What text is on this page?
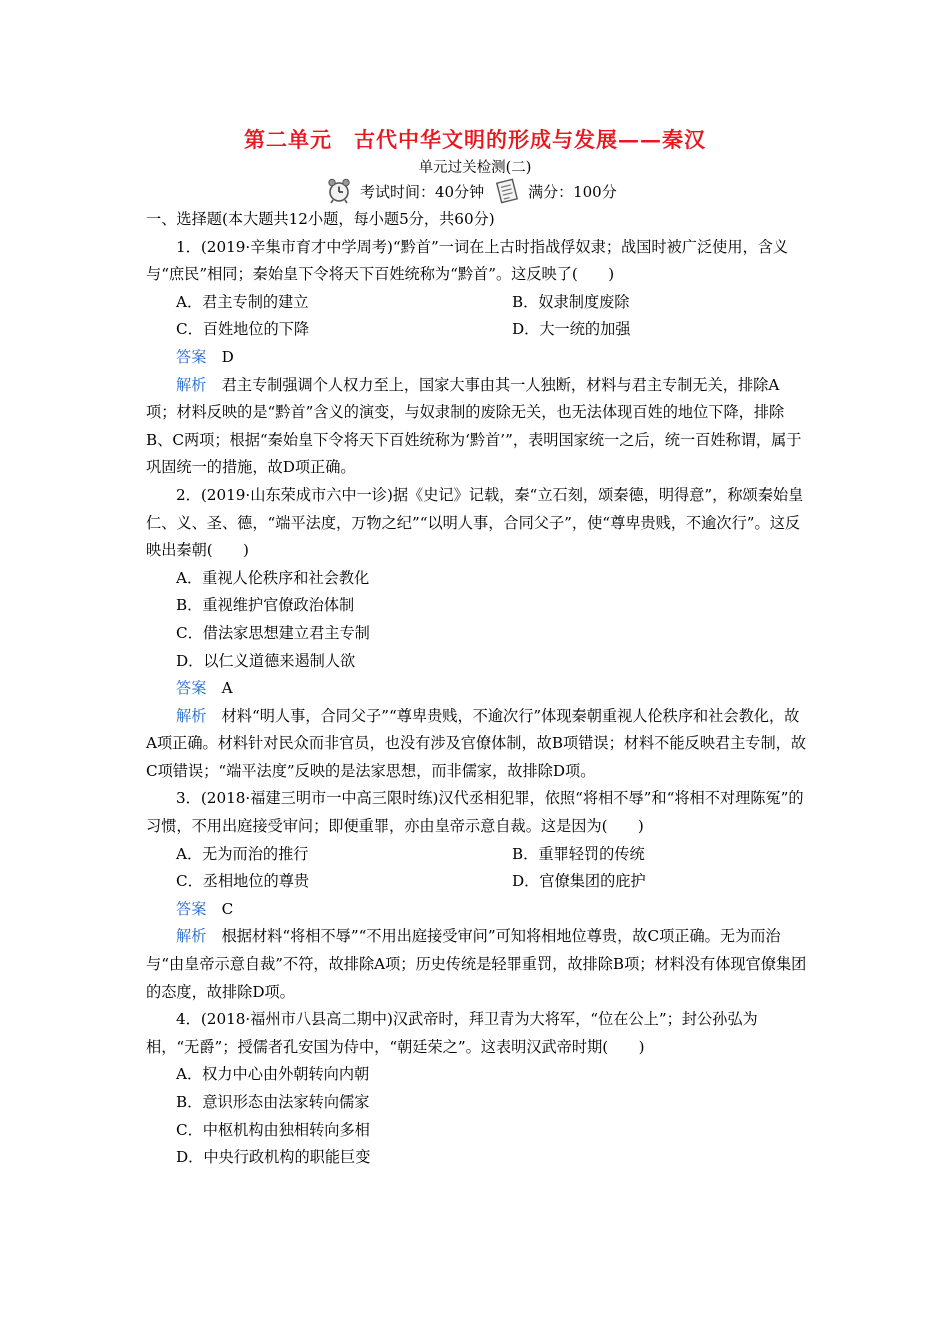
第二单元　古代中华文明的形成与发展——秦汉
单元过关检测(二)
考试时间：40分钟	满分：100分

一、选择题(本大题共12小题，每小题5分，共60分)

1．(2019·辛集市育才中学周考)“黔首”一词在上古时指战俘奴隶；战国时被广泛使用，含义与“庶民”相同；秦始皇下令将天下百姓统称为“黔首”。这反映了(　　)

A．君主专制的建立	B．奴隶制度废除
C．百姓地位的下降	D．大一统的加强

答案　 D

解析　 君主专制强调个人权力至上，国家大事由其一人独断，材料与君主专制无关，排除A项；材料反映的是“黔首”含义的演变，与奴隶制的废除无关，也无法体现百姓的地位下降，排除B、C两项；根据“秦始皇下令将天下百姓统称为‘黔首’”，表明国家统一之后，统一百姓称谓，属于巩固统一的措施，故D项正确。

2．(2019·山东荣成市六中一诊)据《史记》记载，秦“立石刻，颂秦德，明得意”，称颂秦始皇仁、义、圣、德，“端平法度，万物之纪”“以明人事，合同父子”，使“尊卑贵贱，不逾次行”。这反映出秦朝(　　)

A．重视人伦秩序和社会教化

B．重视维护官僚政治体制

C．借法家思想建立君主专制

D．以仁义道德来遏制人欲

答案　 A

解析　 材料“明人事，合同父子”“尊卑贵贱，不逾次行”体现秦朝重视人伦秩序和社会教化，故A项正确。材料针对民众而非官员，也没有涉及官僚体制，故B项错误；材料不能反映君主专制，故C项错误；“端平法度”反映的是法家思想，而非儒家，故排除D项。

3．(2018·福建三明市一中高三限时练)汉代丞相犯罪，依照“将相不辱”和“将相不对理陈冤”的习惯，不用出庭接受审问；即便重罪，亦由皇帝示意自裁。这是因为(　　)

A．无为而治的推行	B．重罪轻罚的传统
C．丞相地位的尊贵	D．官僚集团的庇护

答案　 C

解析　 根据材料“将相不辱”“不用出庭接受审问”可知将相地位尊贵，故C项正确。无为而治与“由皇帝示意自裁”不符，故排除A项；历史传统是轻罪重罚，故排除B项；材料没有体现官僚集团的态度，故排除D项。

4．(2018·福州市八县高二期中)汉武帝时，拜卫青为大将军，“位在公上”；封公孙弘为相，“无爵”；授儒者孔安国为侍中，“朝廷荣之”。这表明汉武帝时期(　　)

A．权力中心由外朝转向内朝

B．意识形态由法家转向儒家

C．中枢机构由独相转向多相

D．中央行政机构的职能巨变
